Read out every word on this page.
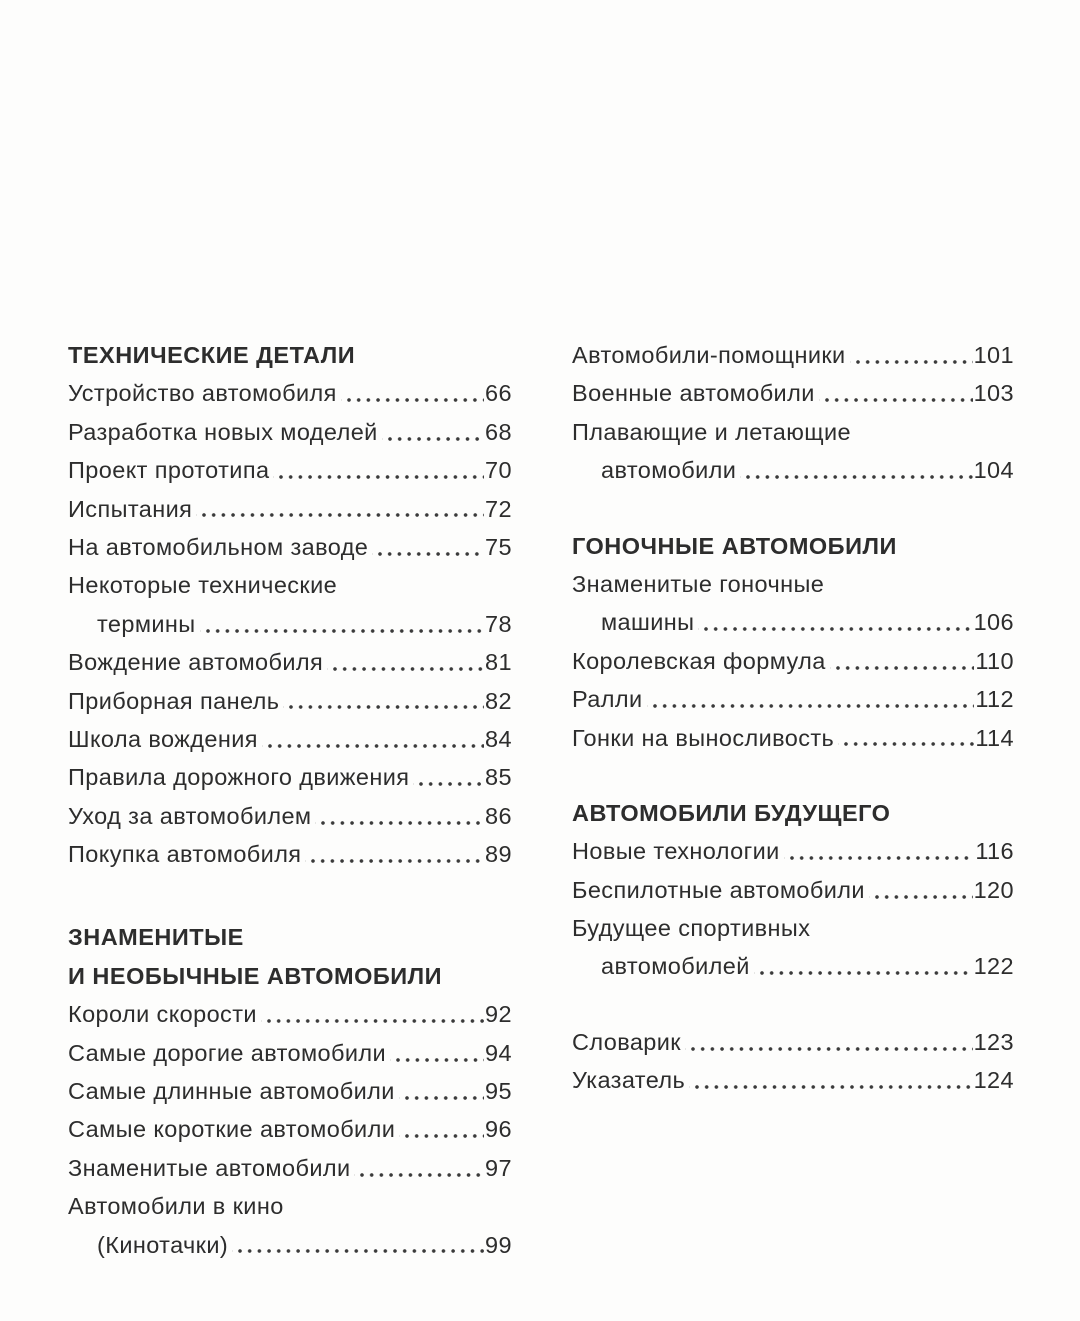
ТЕХНИЧЕСКИЕ ДЕТАЛИ
Устройство автомобиля	66
Разработка новых моделей	68
Проект прототипа	70
Испытания	72
На автомобильном заводе	75
Некоторые технические
термины	78
Вождение автомобиля	81
Приборная панель	82
Школа вождения	84
Правила дорожного движения	85
Уход за автомобилем	86
Покупка автомобиля	89
ЗНАМЕНИТЫЕ
И НЕОБЫЧНЫЕ АВТОМОБИЛИ
Короли скорости	92
Самые дорогие автомобили	94
Самые длинные автомобили	95
Самые короткие автомобили	96
Знаменитые автомобили	97
Автомобили в кино
(Кинотачки)	99
Автомобили-помощники	101
Военные автомобили	103
Плавающие и летающие
автомобили	104
ГОНОЧНЫЕ АВТОМОБИЛИ
Знаменитые гоночные
машины	106
Королевская формула	110
Ралли	112
Гонки на выносливость	114
АВТОМОБИЛИ БУДУЩЕГО
Новые технологии	116
Беспилотные автомобили	120
Будущее спортивных
автомобилей	122
Словарик	123
Указатель	124
